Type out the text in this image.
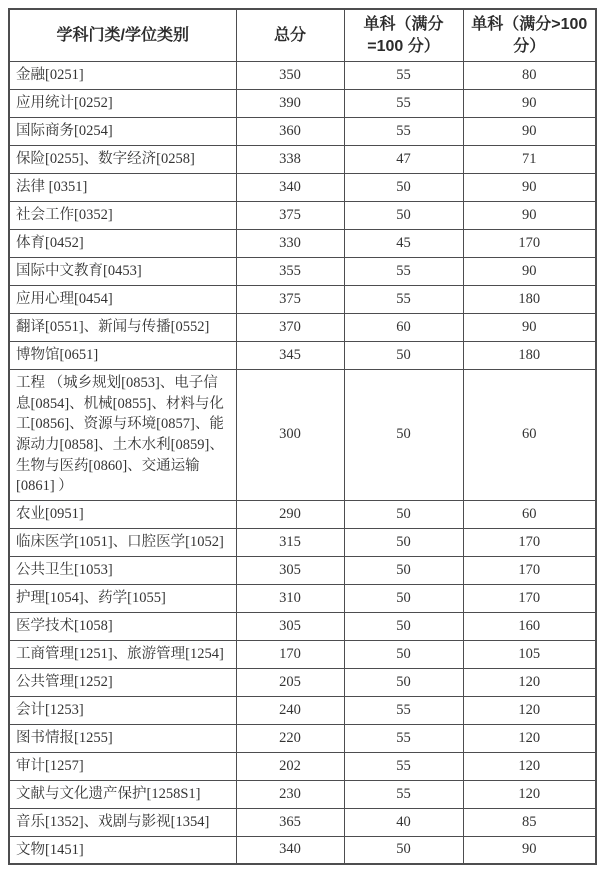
学科门类/学位类别	总分	单科（满分=100 分）	单科（满分>100 分）
金融[0251]	350	55	80
应用统计[0252]	390	55	90
国际商务[0254]	360	55	90
保险[0255]、数字经济[0258]	338	47	71
法律 [0351]	340	50	90
社会工作[0352]	375	50	90
体育[0452]	330	45	170
国际中文教育[0453]	355	55	90
应用心理[0454]	375	55	180
翻译[0551]、新闻与传播[0552]	370	60	90
博物馆[0651]	345	50	180
工程 （城乡规划[0853]、电子信息[0854]、机械[0855]、材料与化工[0856]、资源与环境[0857]、能源动力[0858]、土木水利[0859]、生物与医药[0860]、交通运输[0861] ）	300	50	60
农业[0951]	290	50	60
临床医学[1051]、口腔医学[1052]	315	50	170
公共卫生[1053]	305	50	170
护理[1054]、药学[1055]	310	50	170
医学技术[1058]	305	50	160
工商管理[1251]、旅游管理[1254]	170	50	105
公共管理[1252]	205	50	120
会计[1253]	240	55	120
图书情报[1255]	220	55	120
审计[1257]	202	55	120
文献与文化遗产保护[1258S1]	230	55	120
音乐[1352]、戏剧与影视[1354]	365	40	85
文物[1451]	340	50	90
